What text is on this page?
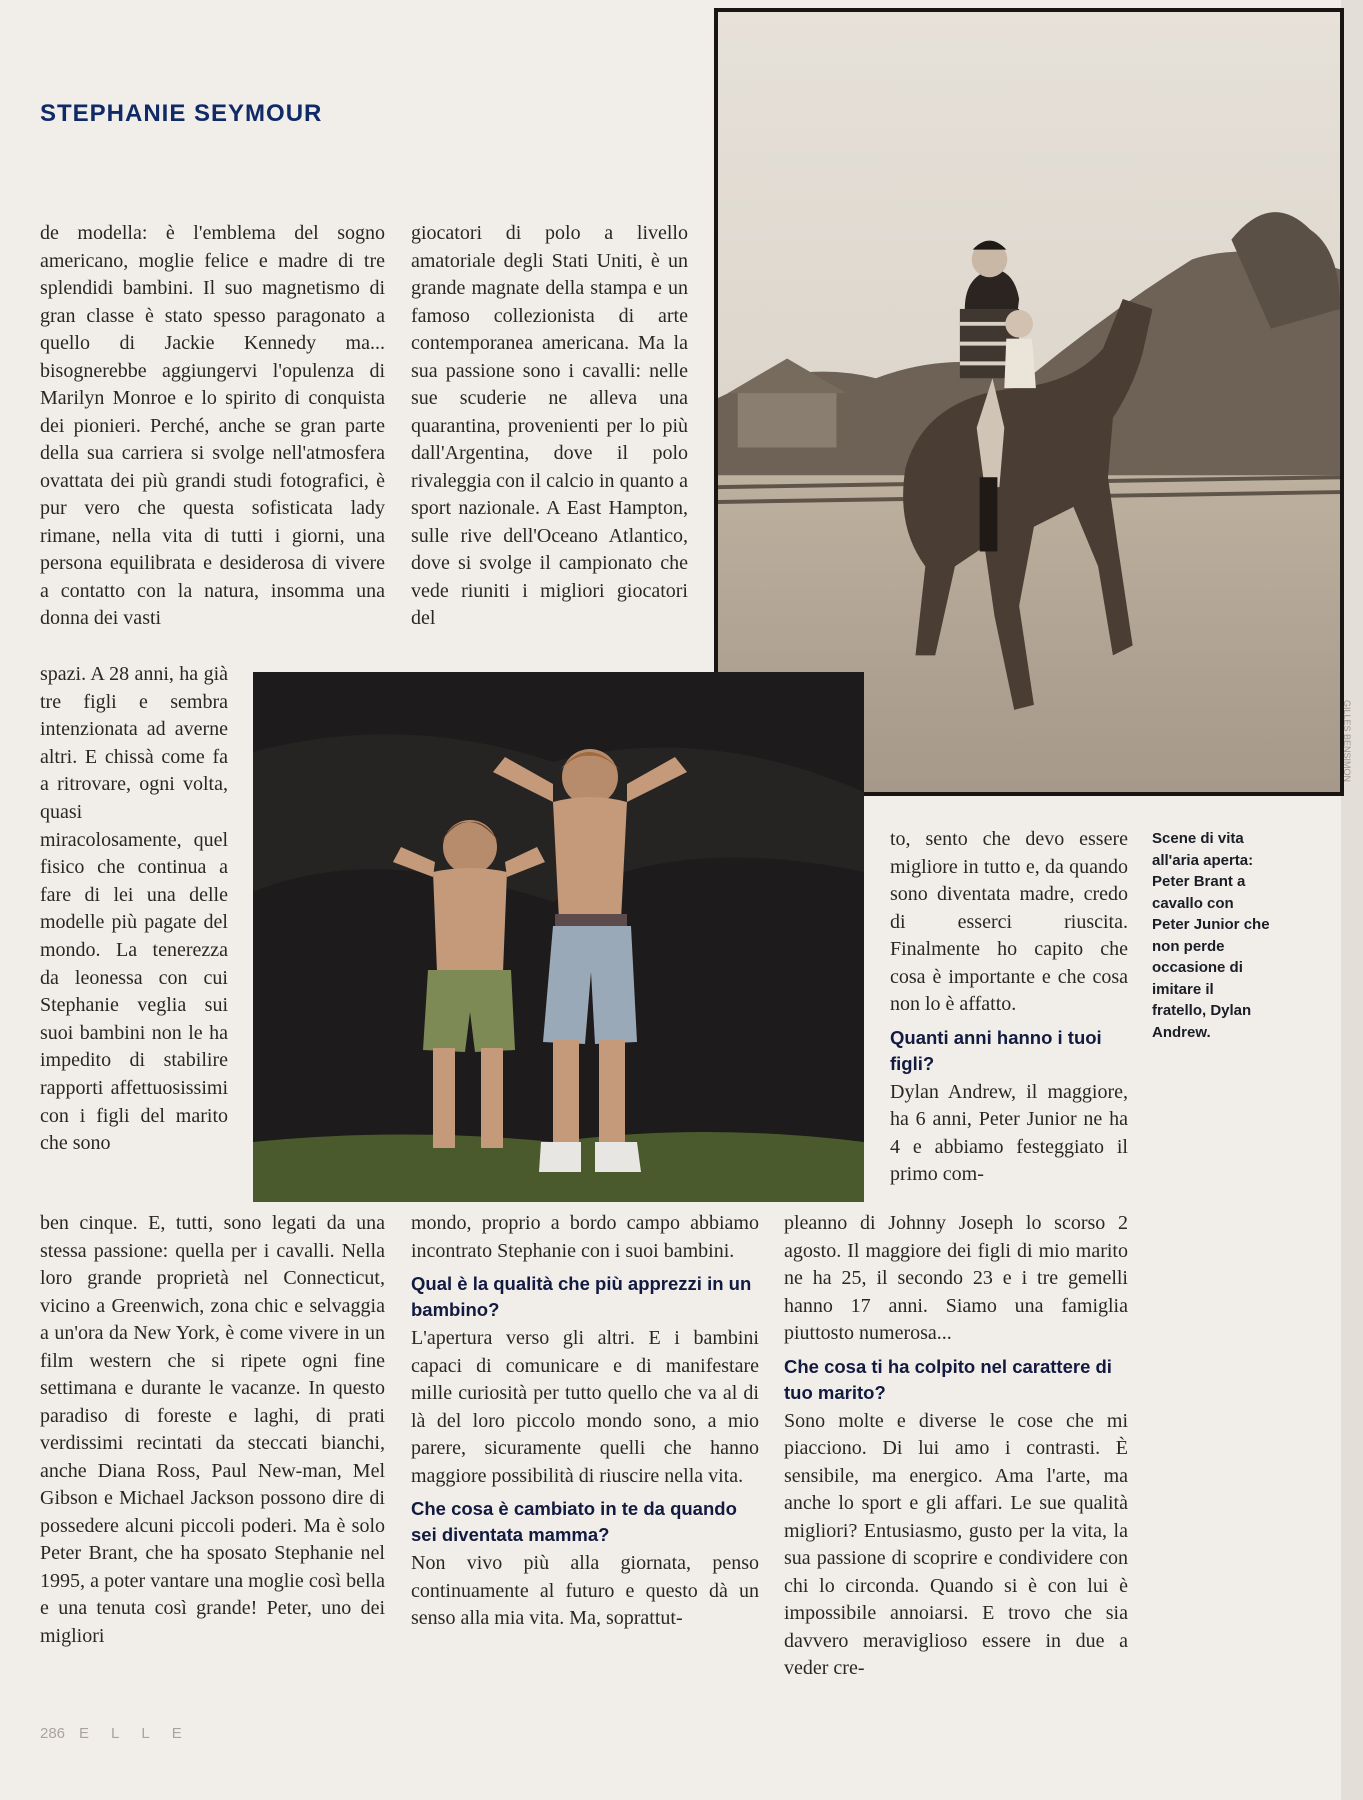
STEPHANIE SEYMOUR

de modella: è l'emblema del sogno americano, moglie felice e madre di tre splendidi bambini. Il suo magnetismo di gran classe è stato spesso paragonato a quello di Jackie Kennedy ma... bisognerebbe aggiungervi l'opulenza di Marilyn Monroe e lo spirito di conquista dei pionieri. Perché, anche se gran parte della sua carriera si svolge nell'atmosfera ovattata dei più grandi studi fotografici, è pur vero che questa sofisticata lady rimane, nella vita di tutti i giorni, una persona equilibrata e desiderosa di vivere a contatto con la natura, insomma una donna dei vasti

spazi. A 28 anni, ha già tre figli e sembra intenzionata ad averne altri. E chissà come fa a ritrovare, ogni volta, quasi miracolosamente, quel fisico che continua a fare di lei una delle modelle più pagate del mondo. La tenerezza da leonessa con cui Stephanie veglia sui suoi bambini non le ha impedito di stabilire rapporti affettuosissimi con i figli del marito che sono

ben cinque. E, tutti, sono legati da una stessa passione: quella per i cavalli. Nella loro grande proprietà nel Connecticut, vicino a Greenwich, zona chic e selvaggia a un'ora da New York, è come vivere in un film western che si ripete ogni fine settimana e durante le vacanze. In questo paradiso di foreste e laghi, di prati verdissimi recintati da steccati bianchi, anche Diana Ross, Paul New-man, Mel Gibson e Michael Jackson possono dire di possedere alcuni piccoli poderi. Ma è solo Peter Brant, che ha sposato Stephanie nel 1995, a poter vantare una moglie così bella e una tenuta così grande! Peter, uno dei migliori

giocatori di polo a livello amatoriale degli Stati Uniti, è un grande magnate della stampa e un famoso collezionista di arte contemporanea americana. Ma la sua passione sono i cavalli: nelle sue scuderie ne alleva una quarantina, provenienti per lo più dall'Argentina, dove il polo rivaleggia con il calcio in quanto a sport nazionale. A East Hampton, sulle rive dell'Oceano Atlantico, dove si svolge il campionato che vede riuniti i migliori giocatori del

mondo, proprio a bordo campo abbiamo incontrato Stephanie con i suoi bambini.

Qual è la qualità che più apprezzi in un bambino?

L'apertura verso gli altri. E i bambini capaci di comunicare e di manifestare mille curiosità per tutto quello che va al di là del loro piccolo mondo sono, a mio parere, sicuramente quelli che hanno maggiore possibilità di riuscire nella vita.

Che cosa è cambiato in te da quando sei diventata mamma?

Non vivo più alla giornata, penso continuamente al futuro e questo dà un senso alla mia vita. Ma, soprattut-

to, sento che devo essere migliore in tutto e, da quando sono diventata madre, credo di esserci riuscita. Finalmente ho capito che cosa è importante e che cosa non lo è affatto.

Quanti anni hanno i tuoi figli?

Dylan Andrew, il maggiore, ha 6 anni, Peter Junior ne ha 4 e abbiamo festeggiato il primo com-

pleanno di Johnny Joseph lo scorso 2 agosto. Il maggiore dei figli di mio marito ne ha 25, il secondo 23 e i tre gemelli hanno 17 anni. Siamo una famiglia piuttosto numerosa...

Che cosa ti ha colpito nel carattere di tuo marito?

Sono molte e diverse le cose che mi piacciono. Di lui amo i contrasti. È sensibile, ma energico. Ama l'arte, ma anche lo sport e gli affari. Le sue qualità migliori? Entusiasmo, gusto per la vita, la sua passione di scoprire e condividere con chi lo circonda. Quando si è con lui è impossibile annoiarsi. E trovo che sia davvero meraviglioso essere in due a veder cre-

Scene di vita all'aria aperta: Peter Brant a cavallo con Peter Junior che non perde occasione di imitare il fratello, Dylan Andrew.
GILLES BENSIMON
286 ELLE
